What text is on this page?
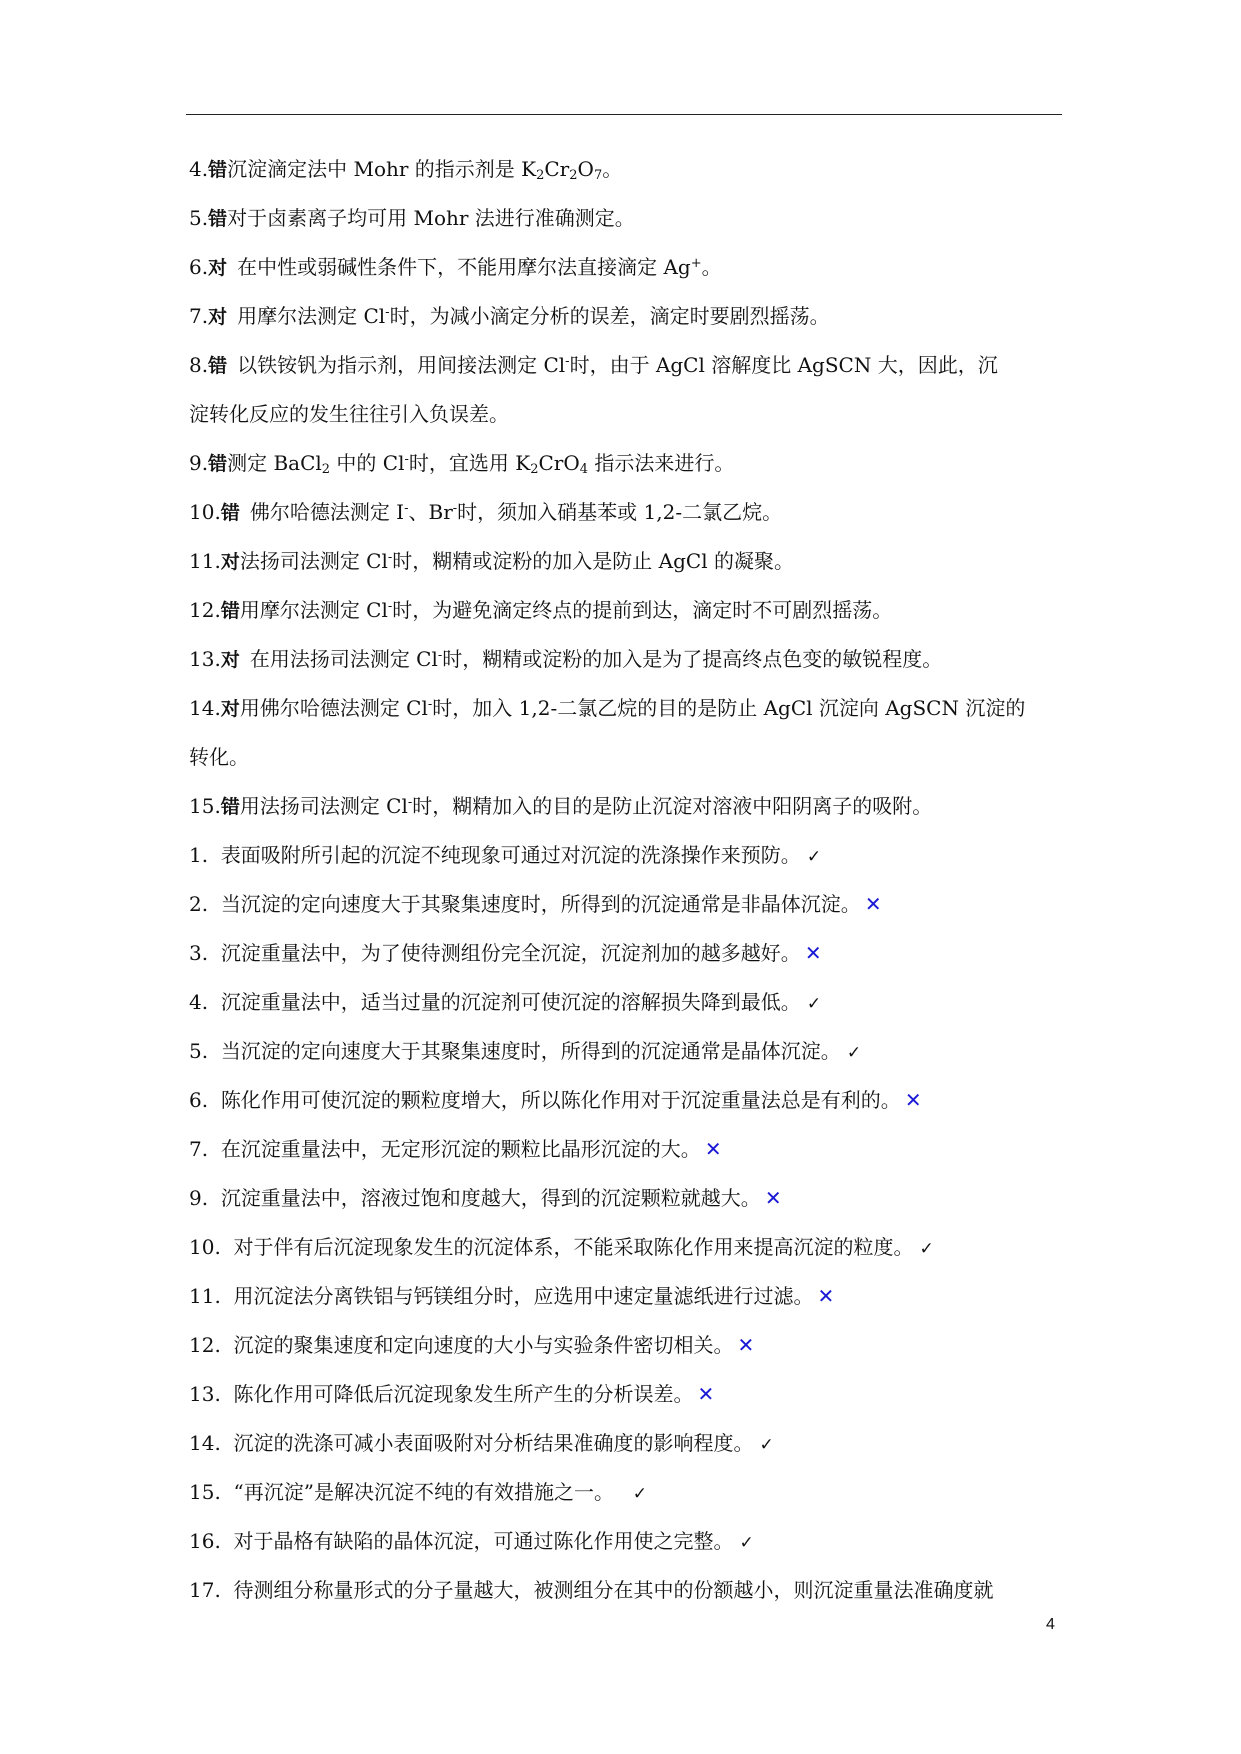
4.错沉淀滴定法中 Mohr 的指示剂是 $K_2Cr_2O_7$。
5.错对于卤素离子均可用 Mohr 法进行准确测定。
6.对 在中性或弱碱性条件下，不能用摩尔法直接滴定 Ag+。
7.对 用摩尔法测定 Cl-时，为减小滴定分析的误差，滴定时要剧烈摇荡。
8.错 以铁铵钒为指示剂，用间接法测定 Cl-时，由于 AgCl 溶解度比 AgSCN 大，因此，沉
淀转化反应的发生往往引入负误差。
9.错测定 BaCl$_2$ 中的 Cl-时，宜选用 $K_2CrO_4$ 指示法来进行。
10.错 佛尔哈德法测定 I-、Br-时，须加入硝基苯或 1,2-二氯乙烷。
11.对法扬司法测定 Cl-时，糊精或淀粉的加入是防止 AgCl 的凝聚。
12.错用摩尔法测定 Cl-时，为避免滴定终点的提前到达，滴定时不可剧烈摇荡。
13.对 在用法扬司法测定 Cl-时，糊精或淀粉的加入是为了提高终点色变的敏锐程度。
14.对用佛尔哈德法测定 Cl-时，加入 1,2-二氯乙烷的目的是防止 AgCl 沉淀向 AgSCN 沉淀的
转化。
15.错用法扬司法测定 Cl-时，糊精加入的目的是防止沉淀对溶液中阳阴离子的吸附。
1. 表面吸附所引起的沉淀不纯现象可通过对沉淀的洗涤操作来预防。 ✓
2. 当沉淀的定向速度大于其聚集速度时，所得到的沉淀通常是非晶体沉淀。 ✕
3. 沉淀重量法中，为了使待测组份完全沉淀，沉淀剂加的越多越好。 ✕
4. 沉淀重量法中，适当过量的沉淀剂可使沉淀的溶解损失降到最低。 ✓
5. 当沉淀的定向速度大于其聚集速度时，所得到的沉淀通常是晶体沉淀。 ✓
6. 陈化作用可使沉淀的颗粒度增大，所以陈化作用对于沉淀重量法总是有利的。 ✕
7. 在沉淀重量法中，无定形沉淀的颗粒比晶形沉淀的大。 ✕
9. 沉淀重量法中，溶液过饱和度越大，得到的沉淀颗粒就越大。 ✕
10. 对于伴有后沉淀现象发生的沉淀体系，不能采取陈化作用来提高沉淀的粒度。 ✓
11. 用沉淀法分离铁铝与钙镁组分时，应选用中速定量滤纸进行过滤。 ✕
12. 沉淀的聚集速度和定向速度的大小与实验条件密切相关。 ✕
13. 陈化作用可降低后沉淀现象发生所产生的分析误差。 ✕
14. 沉淀的洗涤可减小表面吸附对分析结果准确度的影响程度。 ✓
15. “再沉淀”是解决沉淀不纯的有效措施之一。 ✓
16. 对于晶格有缺陷的晶体沉淀，可通过陈化作用使之完整。 ✓
17. 待测组分称量形式的分子量越大，被测组分在其中的份额越小，则沉淀重量法准确度就
4
